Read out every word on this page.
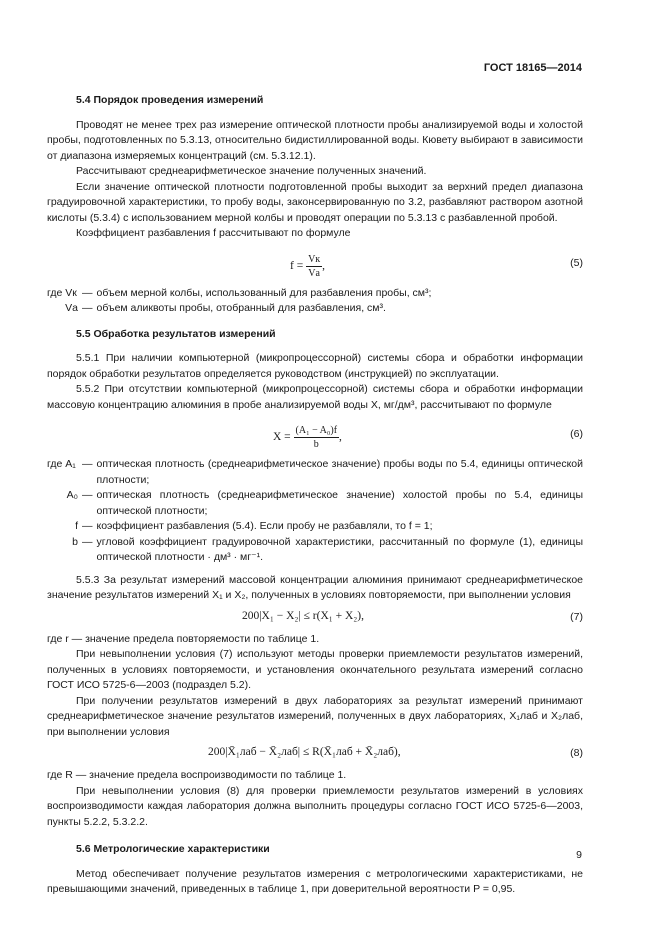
ГОСТ 18165—2014
5.4 Порядок проведения измерений

Проводят не менее трех раз измерение оптической плотности пробы анализируемой воды и холостой пробы, подготовленных по 5.3.13, относительно бидистиллированной воды. Кювету выбирают в зависимости от диапазона измеряемых концентраций (см. 5.3.12.1).

Рассчитывают среднеарифметическое значение полученных значений.

Если значение оптической плотности подготовленной пробы выходит за верхний предел диапазона градуировочной характеристики, то пробу воды, законсервированную по 3.2, разбавляют раствором азотной кислоты (5.3.4) с использованием мерной колбы и проводят операции по 5.3.13 с разбавленной пробой.

Коэффициент разбавления f рассчитывают по формуле

$f = \frac{Vк}{Vа}$ ,	(5)
где Vк — объем мерной колбы, использованный для разбавления пробы, см³;
Vа — объем аликвоты пробы, отобранный для разбавления, см³.
5.5 Обработка результатов измерений

5.5.1 При наличии компьютерной (микропроцессорной) системы сбора и обработки информации порядок обработки результатов определяется руководством (инструкцией) по эксплуатации.

5.5.2 При отсутствии компьютерной (микропроцессорной) системы сбора и обработки информации массовую концентрацию алюминия в пробе анализируемой воды X, мг/дм³, рассчитывают по формуле

$X = \frac{\text{(A₁ − A₀)f}}{b}$ ,	(6)
где A₁ — оптическая плотность (среднеарифметическое значение) пробы воды по 5.4, единицы оптической плотности;
A₀ — оптическая плотность (среднеарифметическое значение) холостой пробы по 5.4, единицы оптической плотности;
f — коэффициент разбавления (5.4). Если пробу не разбавляли, то f = 1;
b — угловой коэффициент градуировочной характеристики, рассчитанный по формуле (1), единицы оптической плотности · дм³ · мг⁻¹.

5.5.3 За результат измерений массовой концентрации алюминия принимают среднеарифметическое значение результатов измерений X₁ и X₂, полученных в условиях повторяемости, при выполнении условия

200|X₁ − X₂| ≤ r(X₁ + X₂),	(7)

где r — значение предела повторяемости по таблице 1.

При невыполнении условия (7) используют методы проверки приемлемости результатов измерений, полученных в условиях повторяемости, и установления окончательного результата измерений согласно ГОСТ ИСО 5725-6—2003 (подраздел 5.2).

При получении результатов измерений в двух лабораториях за результат измерений принимают среднеарифметическое значение результатов измерений, полученных в двух лабораториях, X₁лаб и X₂лаб, при выполнении условия

200|X̄₁лаб − X̄₂лаб| ≤ R(X̄₁лаб + X̄₂лаб),	(8)

где R — значение предела воспроизводимости по таблице 1.

При невыполнении условия (8) для проверки приемлемости результатов измерений в условиях воспроизводимости каждая лаборатория должна выполнить процедуры согласно ГОСТ ИСО 5725-6—2003, пункты 5.2.2, 5.3.2.2.

5.6 Метрологические характеристики

Метод обеспечивает получение результатов измерения с метрологическими характеристиками, не превышающими значений, приведенных в таблице 1, при доверительной вероятности P = 0,95.

9
